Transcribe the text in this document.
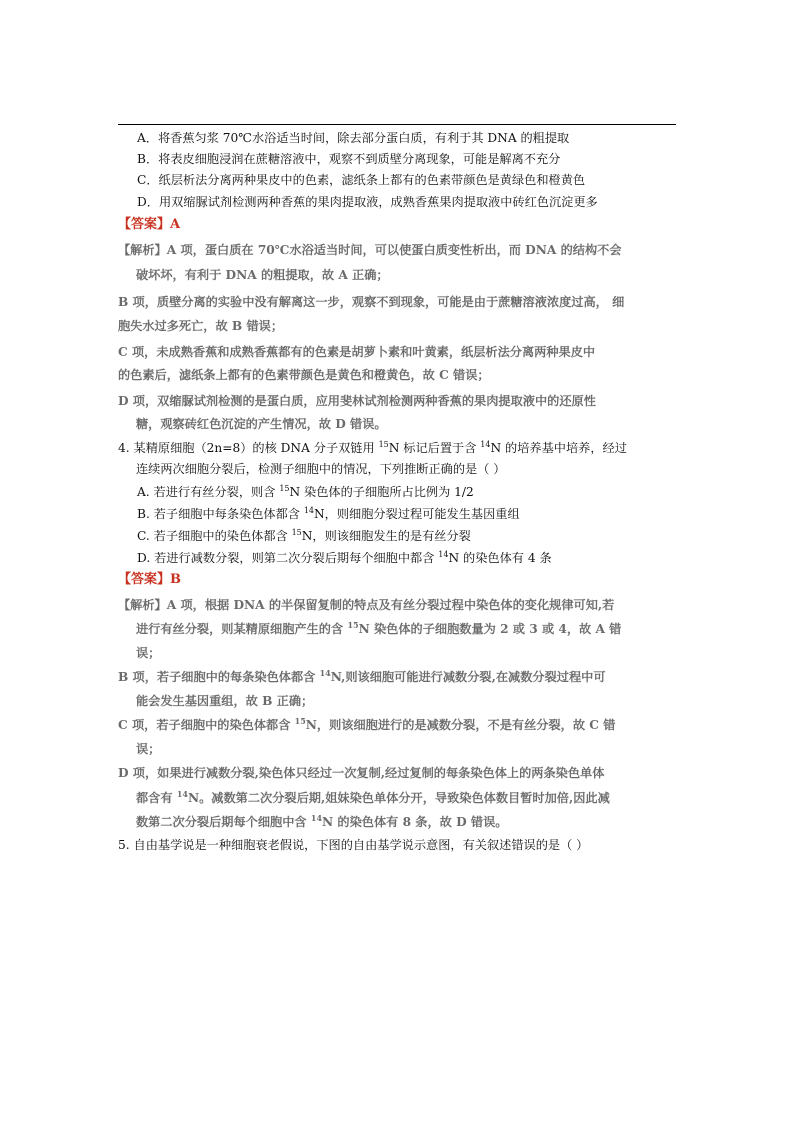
A．将香蕉匀浆 70℃水浴适当时间，除去部分蛋白质，有利于其 DNA 的粗提取
B．将表皮细胞浸润在蔗糖溶液中，观察不到质壁分离现象，可能是解离不充分
C．纸层析法分离两种果皮中的色素，滤纸条上都有的色素带颜色是黄绿色和橙黄色
D．用双缩脲试剂检测两种香蕉的果肉提取液，成熟香蕉果肉提取液中砖红色沉淀更多
【答案】A
【解析】A 项，蛋白质在 70℃水浴适当时间，可以使蛋白质变性析出，而 DNA 的结构不会
破坏坏，有利于 DNA 的粗提取，故 A 正确；
B 项，质壁分离的实验中没有解离这一步，观察不到现象，可能是由于蔗糖溶液浓度过高， 细
胞失水过多死亡，故 B 错误；
C 项，未成熟香蕉和成熟香蕉都有的色素是胡萝卜素和叶黄素，纸层析法分离两种果皮中
的色素后，滤纸条上都有的色素带颜色是黄色和橙黄色，故 C 错误；
D 项，双缩脲试剂检测的是蛋白质，应用斐林试剂检测两种香蕉的果肉提取液中的还原性
糖，观察砖红色沉淀的产生情况，故 D 错误。
4. 某精原细胞（2n=8）的核 DNA 分子双链用 $^{15}$N 标记后置于含 $^{14}$N 的培养基中培养，经过
连续两次细胞分裂后，检测子细胞中的情况，下列推断正确的是（ ）
A. 若进行有丝分裂，则含 $^{15}$N 染色体的子细胞所占比例为 1/2
B. 若子细胞中每条染色体都含 $^{14}$N，则细胞分裂过程可能发生基因重组
C. 若子细胞中的染色体都含 $^{15}$N，则该细胞发生的是有丝分裂
D. 若进行减数分裂，则第二次分裂后期每个细胞中都含 $^{14}$N 的染色体有 4 条
【答案】B
【解析】A 项，根据 DNA 的半保留复制的特点及有丝分裂过程中染色体的变化规律可知,若
进行有丝分裂，则某精原细胞产生的含 $^{15}$N 染色体的子细胞数量为 2 或 3 或 4，故 A 错
误；
B 项，若子细胞中的每条染色体都含 $^{14}$N,则该细胞可能进行减数分裂,在减数分裂过程中可
能会发生基因重组，故 B 正确；
C 项，若子细胞中的染色体都含 $^{15}$N，则该细胞进行的是减数分裂，不是有丝分裂，故 C 错
误；
D 项，如果进行减数分裂,染色体只经过一次复制,经过复制的每条染色体上的两条染色单体
都含有 $^{14}$N。减数第二次分裂后期,姐妹染色单体分开，导致染色体数目暂时加倍,因此减
数第二次分裂后期每个细胞中含 $^{14}$N 的染色体有 8 条，故 D 错误。
5. 自由基学说是一种细胞衰老假说，下图的自由基学说示意图，有关叙述错误的是（ ）
